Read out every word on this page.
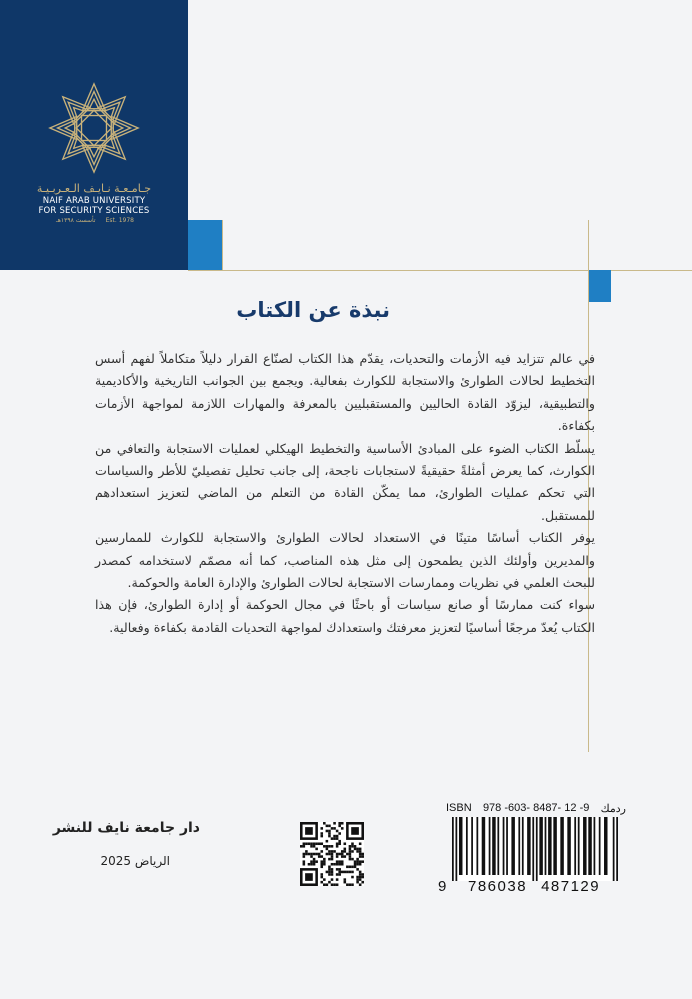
جـامـعـة نـايـف الـعـربـيـة
NAIF ARAB UNIVERSITY
FOR SECURITY SCIENCES
تأسست ١٣٩٨هـ Est. 1978
نبذة عن الكتاب

في عالم تتزايد فيه الأزمات والتحديات، يقدّم هذا الكتاب لصنّاع القرار دليلاً متكاملاً لفهم أسس التخطيط لحالات الطوارئ والاستجابة للكوارث بفعالية. ويجمع بين الجوانب التاريخية والأكاديمية والتطبيقية، ليزوّد القادة الحاليين والمستقبليين بالمعرفة والمهارات اللازمة لمواجهة الأزمات بكفاءة.

يسلّط الكتاب الضوء على المبادئ الأساسية والتخطيط الهيكلي لعمليات الاستجابة والتعافي من الكوارث، كما يعرض أمثلةً حقيقيةً لاستجابات ناجحة، إلى جانب تحليل تفصيليّ للأطر والسياسات التي تحكم عمليات الطوارئ، مما يمكّن القادة من التعلم من الماضي لتعزيز استعدادهم للمستقبل.

يوفر الكتاب أساسًا متينًا في الاستعداد لحالات الطوارئ والاستجابة للكوارث للممارسين والمديرين وأولئك الذين يطمحون إلى مثل هذه المناصب، كما أنه مصمّم لاستخدامه كمصدر للبحث العلمي في نظريات وممارسات الاستجابة لحالات الطوارئ والإدارة العامة والحوكمة.

سواء كنت ممارسًا أو صانع سياسات أو باحثًا في مجال الحوكمة أو إدارة الطوارئ، فإن هذا الكتاب يُعدّ مرجعًا أساسيًا لتعزيز معرفتك واستعدادك لمواجهة التحديات القادمة بكفاءة وفعالية.

دار جامعة نايف للنشر
الرياض 2025
ISBN 978 -603- 8487- 12 -9 ردمك
9	786038 487129
